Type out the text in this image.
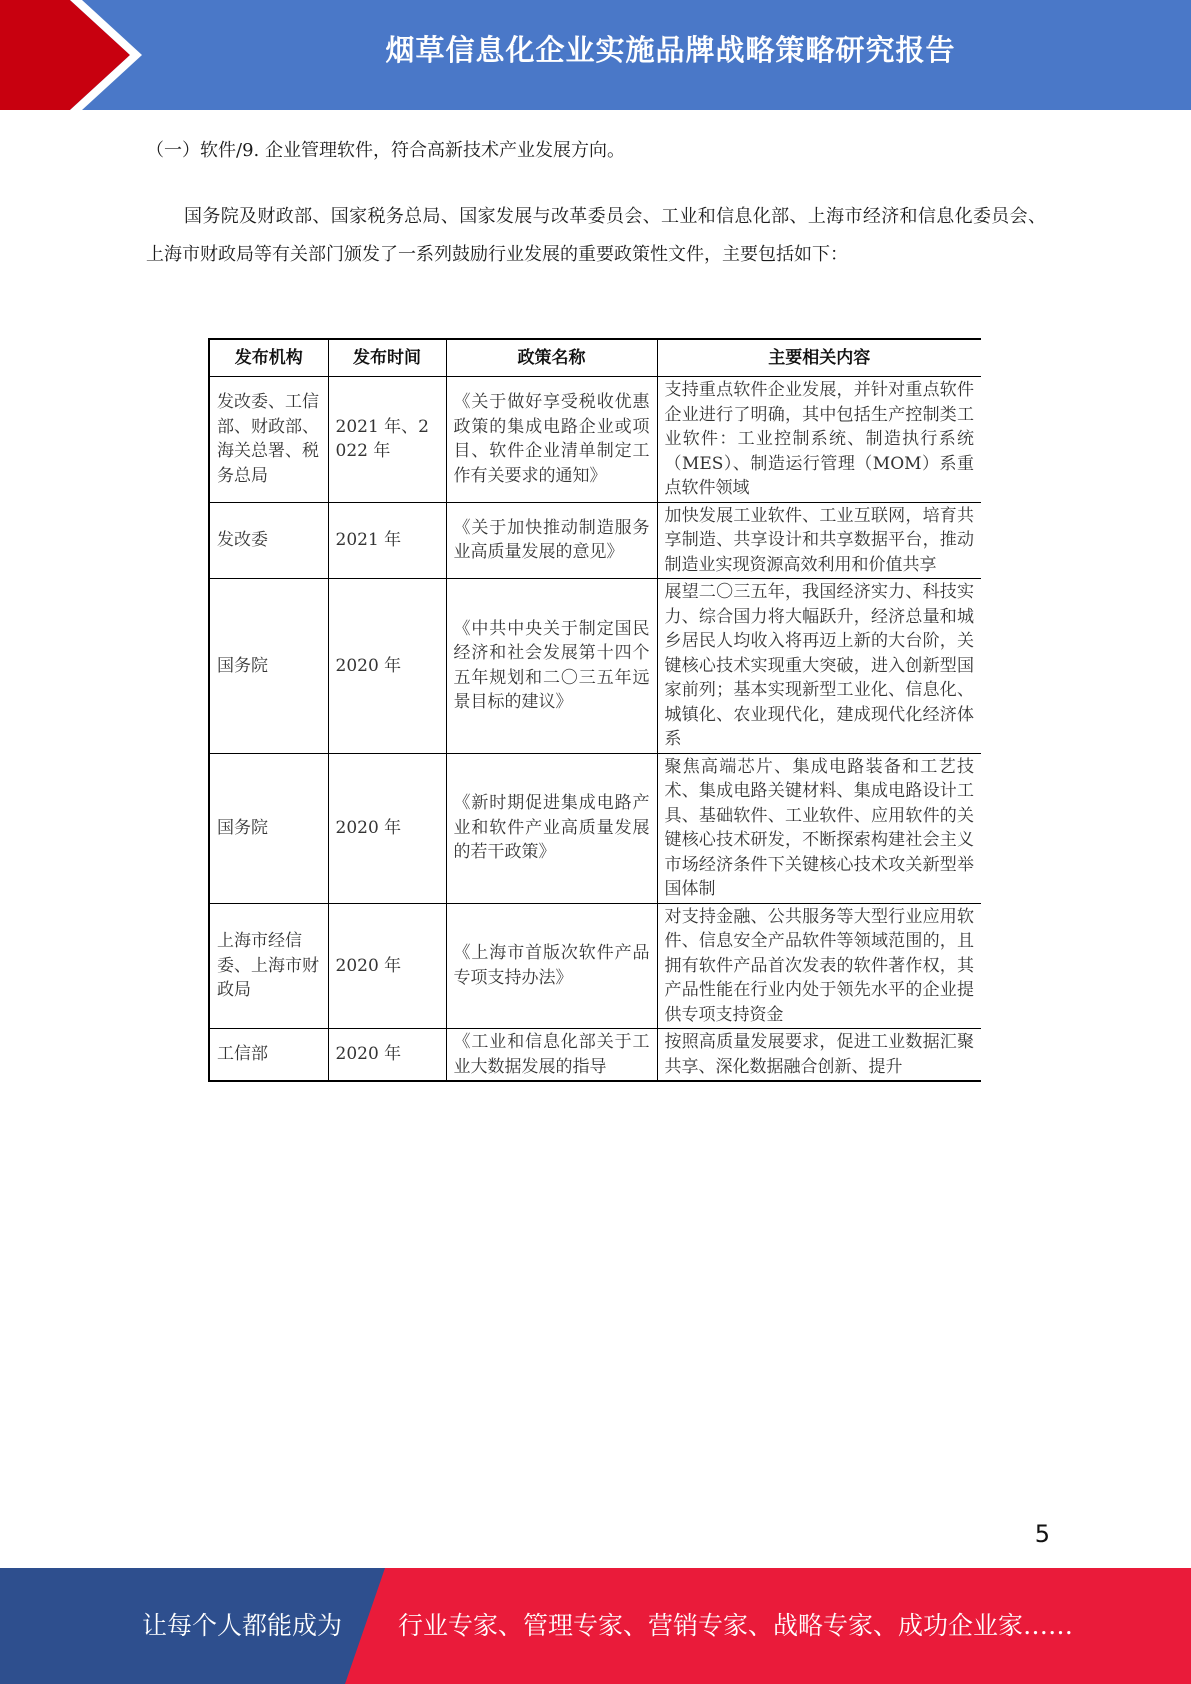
烟草信息化企业实施品牌战略策略研究报告
（一）软件/9. 企业管理软件，符合高新技术产业发展方向。

国务院及财政部、国家税务总局、国家发展与改革委员会、工业和信息化部、上海市经济和信息化委员会、上海市财政局等有关部门颁发了一系列鼓励行业发展的重要政策性文件，主要包括如下：

发布机构	发布时间	政策名称	主要相关内容
发改委、工信部、财政部、海关总署、税务总局	2021 年、2022 年	《关于做好享受税收优惠政策的集成电路企业或项目、软件企业清单制定工作有关要求的通知》	支持重点软件企业发展，并针对重点软件企业进行了明确，其中包括生产控制类工业软件：工业控制系统、制造执行系统 （MES）、制造运行管理（MOM）系重点软件领域
发改委	2021 年	《关于加快推动制造服务业高质量发展的意见》	加快发展工业软件、工业互联网，培育共享制造、共享设计和共享数据平台，推动制造业实现资源高效利用和价值共享
国务院	2020 年	《中共中央关于制定国民经济和社会发展第十四个五年规划和二〇三五年远景目标的建议》	展望二〇三五年，我国经济实力、科技实力、综合国力将大幅跃升，经济总量和城乡居民人均收入将再迈上新的大台阶，关键核心技术实现重大突破，进入创新型国家前列；基本实现新型工业化、信息化、城镇化、农业现代化，建成现代化经济体系
国务院	2020 年	《新时期促进集成电路产业和软件产业高质量发展的若干政策》	聚焦高端芯片、集成电路装备和工艺技术、集成电路关键材料、集成电路设计工具、基础软件、工业软件、应用软件的关键核心技术研发，不断探索构建社会主义市场经济条件下关键核心技术攻关新型举国体制
上海市经信委、上海市财政局	2020 年	《上海市首版次软件产品专项支持办法》	对支持金融、公共服务等大型行业应用软件、信息安全产品软件等领域范围的，且拥有软件产品首次发表的软件著作权，其产品性能在行业内处于领先水平的企业提供专项支持资金
工信部	2020 年	《工业和信息化部关于工业大数据发展的指导	按照高质量发展要求，促进工业数据汇聚共享、深化数据融合创新、提升
5
让每个人都能成为 行业专家、管理专家、营销专家、战略专家、成功企业家……
